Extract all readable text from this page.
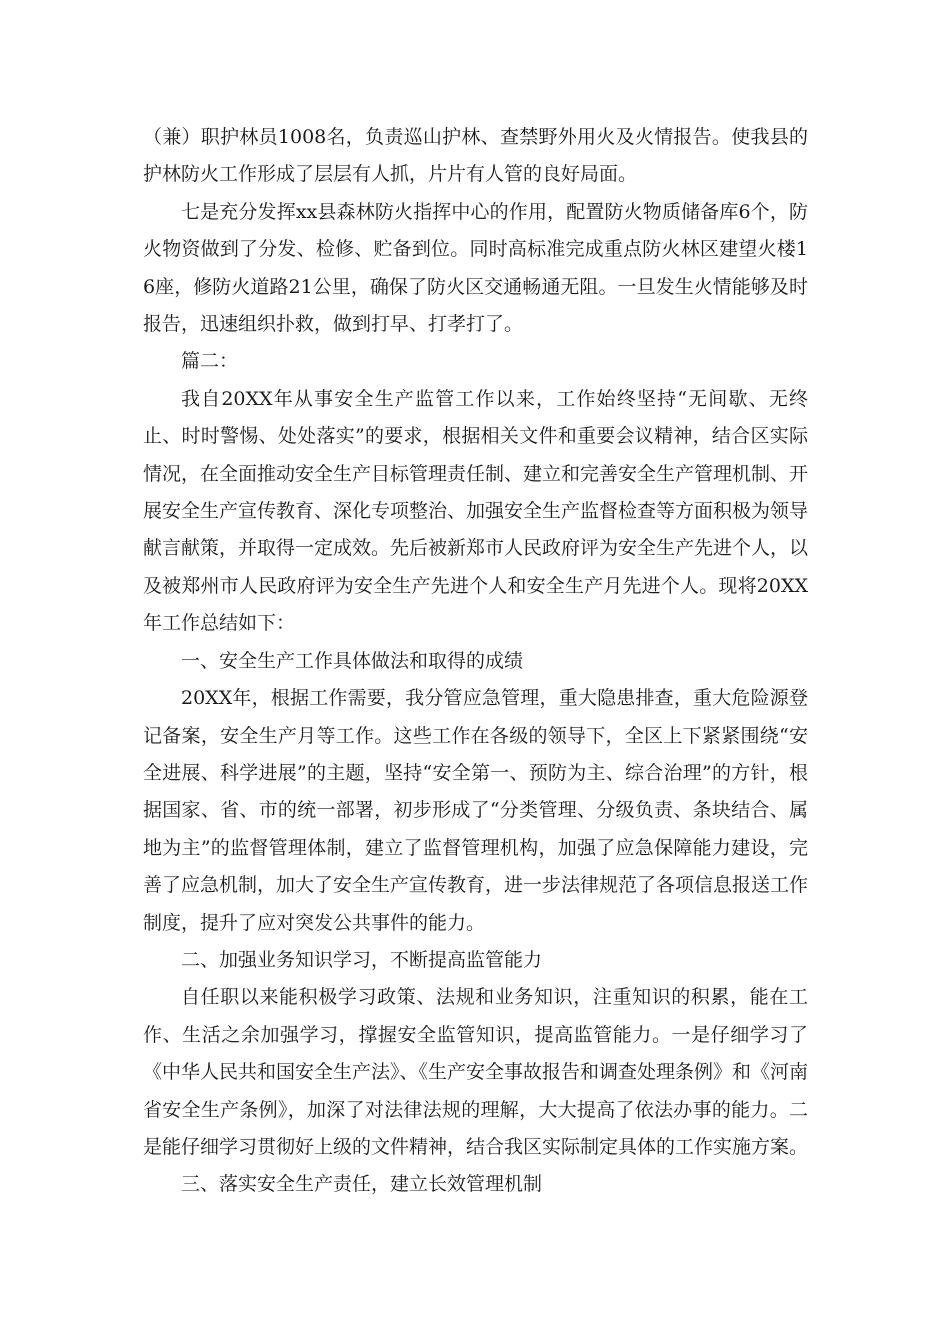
（兼）职护林员1008名，负责巡山护林、查禁野外用火及火情报告。使我县的护林防火工作形成了层层有人抓，片片有人管的良好局面。

七是充分发挥xx县森林防火指挥中心的作用，配置防火物质储备库6个，防火物资做到了分发、检修、贮备到位。同时高标准完成重点防火林区建望火楼16座，修防火道路21公里，确保了防火区交通畅通无阻。一旦发生火情能够及时报告，迅速组织扑救，做到打早、打孝打了。

篇二：

我自20XX年从事安全生产监管工作以来，工作始终坚持“无间歇、无终止、时时警惕、处处落实”的要求，根据相关文件和重要会议精神，结合区实际情况，在全面推动安全生产目标管理责任制、建立和完善安全生产管理机制、开展安全生产宣传教育、深化专项整治、加强安全生产监督检查等方面积极为领导献言献策，并取得一定成效。先后被新郑市人民政府评为安全生产先进个人，以及被郑州市人民政府评为安全生产先进个人和安全生产月先进个人。现将20XX年工作总结如下：

一、安全生产工作具体做法和取得的成绩

20XX年，根据工作需要，我分管应急管理，重大隐患排查，重大危险源登记备案，安全生产月等工作。这些工作在各级的领导下，全区上下紧紧围绕“安全进展、科学进展”的主题，坚持“安全第一、预防为主、综合治理”的方针，根据国家、省、市的统一部署，初步形成了“分类管理、分级负责、条块结合、属地为主”的监督管理体制，建立了监督管理机构，加强了应急保障能力建设，完善了应急机制，加大了安全生产宣传教育，进一步法律规范了各项信息报送工作制度，提升了应对突发公共事件的能力。

二、加强业务知识学习，不断提高监管能力

自任职以来能积极学习政策、法规和业务知识，注重知识的积累，能在工作、生活之余加强学习，撑握安全监管知识，提高监管能力。一是仔细学习了《中华人民共和国安全生产法》、《生产安全事故报告和调查处理条例》和《河南省安全生产条例》，加深了对法律法规的理解，大大提高了依法办事的能力。二是能仔细学习贯彻好上级的文件精神，结合我区实际制定具体的工作实施方案。

三、落实安全生产责任，建立长效管理机制
